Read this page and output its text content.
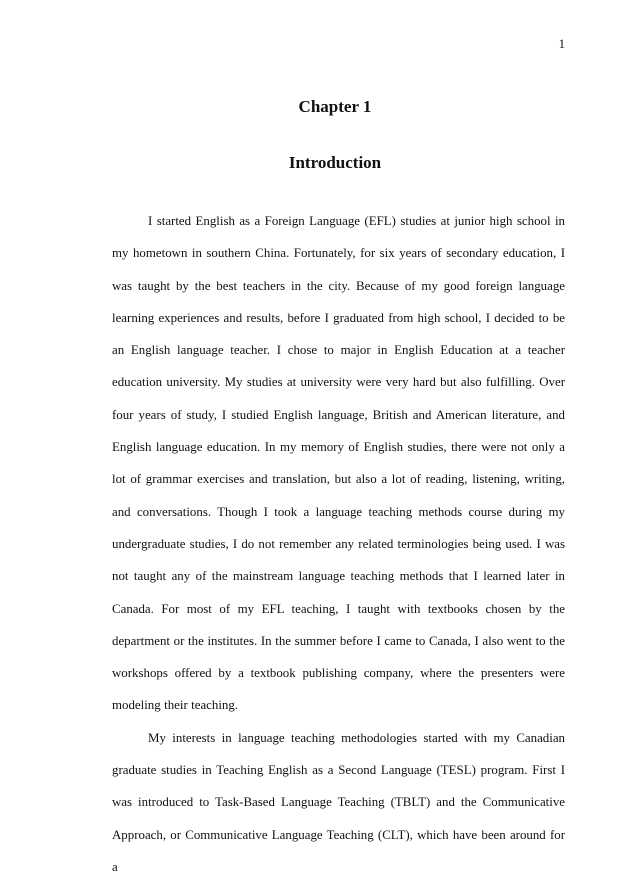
1
Chapter 1
Introduction

I started English as a Foreign Language (EFL) studies at junior high school in my hometown in southern China. Fortunately, for six years of secondary education, I was taught by the best teachers in the city. Because of my good foreign language learning experiences and results, before I graduated from high school, I decided to be an English language teacher. I chose to major in English Education at a teacher education university. My studies at university were very hard but also fulfilling. Over four years of study, I studied English language, British and American literature, and English language education. In my memory of English studies, there were not only a lot of grammar exercises and translation, but also a lot of reading, listening, writing, and conversations. Though I took a language teaching methods course during my undergraduate studies, I do not remember any related terminologies being used. I was not taught any of the mainstream language teaching methods that I learned later in Canada. For most of my EFL teaching, I taught with textbooks chosen by the department or the institutes. In the summer before I came to Canada, I also went to the workshops offered by a textbook publishing company, where the presenters were modeling their teaching.

My interests in language teaching methodologies started with my Canadian graduate studies in Teaching English as a Second Language (TESL) program. First I was introduced to Task-Based Language Teaching (TBLT) and the Communicative Approach, or Communicative Language Teaching (CLT), which have been around for a
